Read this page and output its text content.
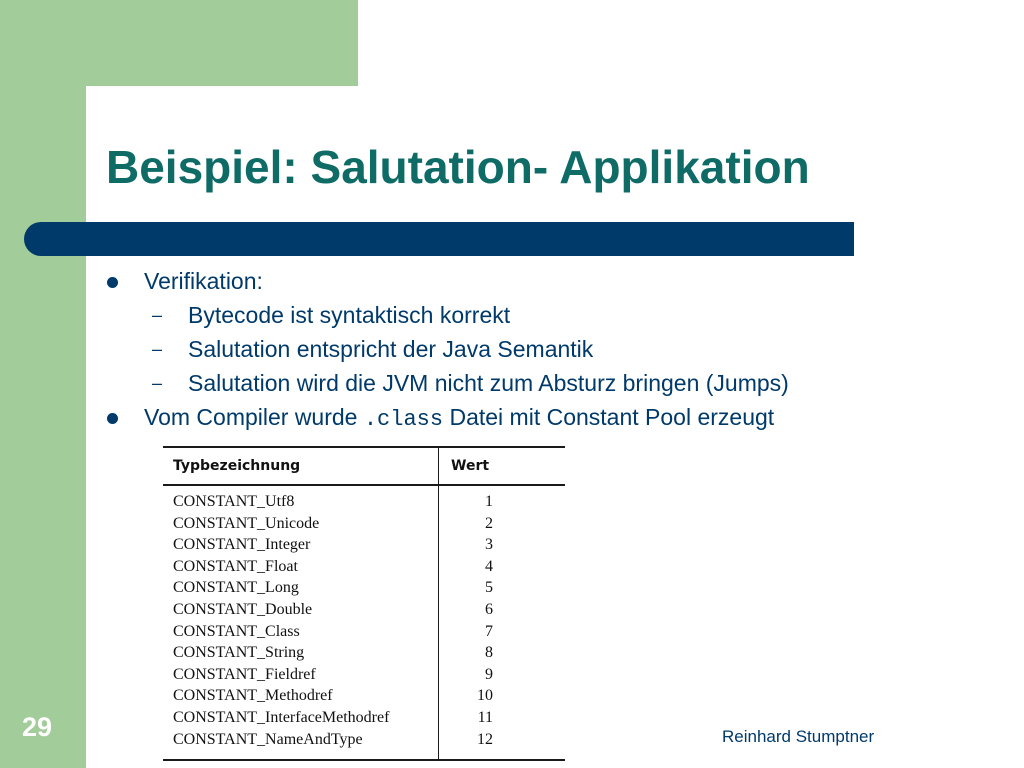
Beispiel: Salutation- Applikation
Verifikation:
– Bytecode ist syntaktisch korrekt
– Salutation entspricht der Java Semantik
– Salutation wird die JVM nicht zum Absturz bringen (Jumps)
Vom Compiler wurde .class Datei mit Constant Pool erzeugt
Typbezeichnung	Wert
CONSTANT_Utf8	1
CONSTANT_Unicode	2
CONSTANT_Integer	3
CONSTANT_Float	4
CONSTANT_Long	5
CONSTANT_Double	6
CONSTANT_Class	7
CONSTANT_String	8
CONSTANT_Fieldref	9
CONSTANT_Methodref	10
CONSTANT_InterfaceMethodref	11
CONSTANT_NameAndType	12
29	Reinhard Stumptner
